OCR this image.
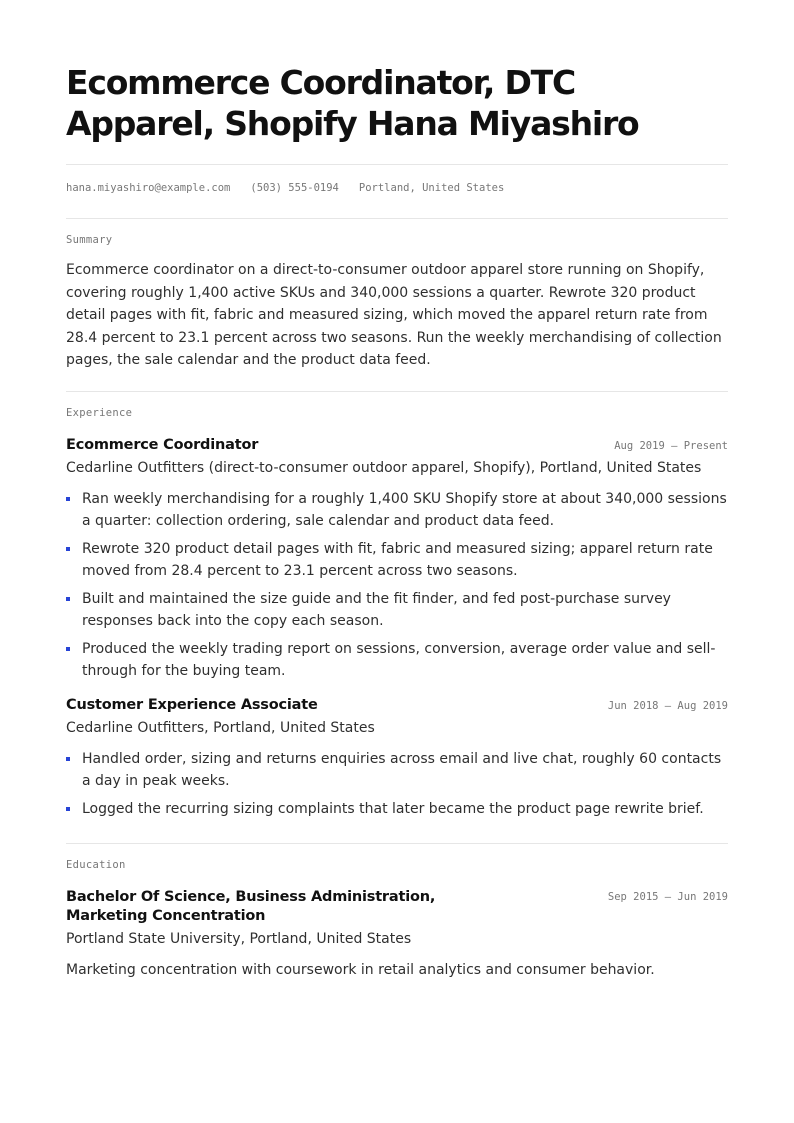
Ecommerce Coordinator, DTC Apparel, Shopify Hana Miyashiro
hana.miyashiro@example.com (503) 555-0194 Portland, United States
Summary

Ecommerce coordinator on a direct-to-consumer outdoor apparel store running on Shopify, covering roughly 1,400 active SKUs and 340,000 sessions a quarter. Rewrote 320 product detail pages with fit, fabric and measured sizing, which moved the apparel return rate from 28.4 percent to 23.1 percent across two seasons. Run the weekly merchandising of collection pages, the sale calendar and the product data feed.

Experience
Ecommerce Coordinator	Aug 2019 — Present
Cedarline Outfitters (direct-to-consumer outdoor apparel, Shopify), Portland, United States
Ran weekly merchandising for a roughly 1,400 SKU Shopify store at about 340,000 sessions a quarter: collection ordering, sale calendar and product data feed.
Rewrote 320 product detail pages with fit, fabric and measured sizing; apparel return rate moved from 28.4 percent to 23.1 percent across two seasons.
Built and maintained the size guide and the fit finder, and fed post-purchase survey responses back into the copy each season.
Produced the weekly trading report on sessions, conversion, average order value and sell-through for the buying team.
Customer Experience Associate	Jun 2018 — Aug 2019
Cedarline Outfitters, Portland, United States
Handled order, sizing and returns enquiries across email and live chat, roughly 60 contacts a day in peak weeks.
Logged the recurring sizing complaints that later became the product page rewrite brief.
Education
Bachelor Of Science, Business Administration, Marketing Concentration
Sep 2015 — Jun 2019
Portland State University, Portland, United States

Marketing concentration with coursework in retail analytics and consumer behavior.
